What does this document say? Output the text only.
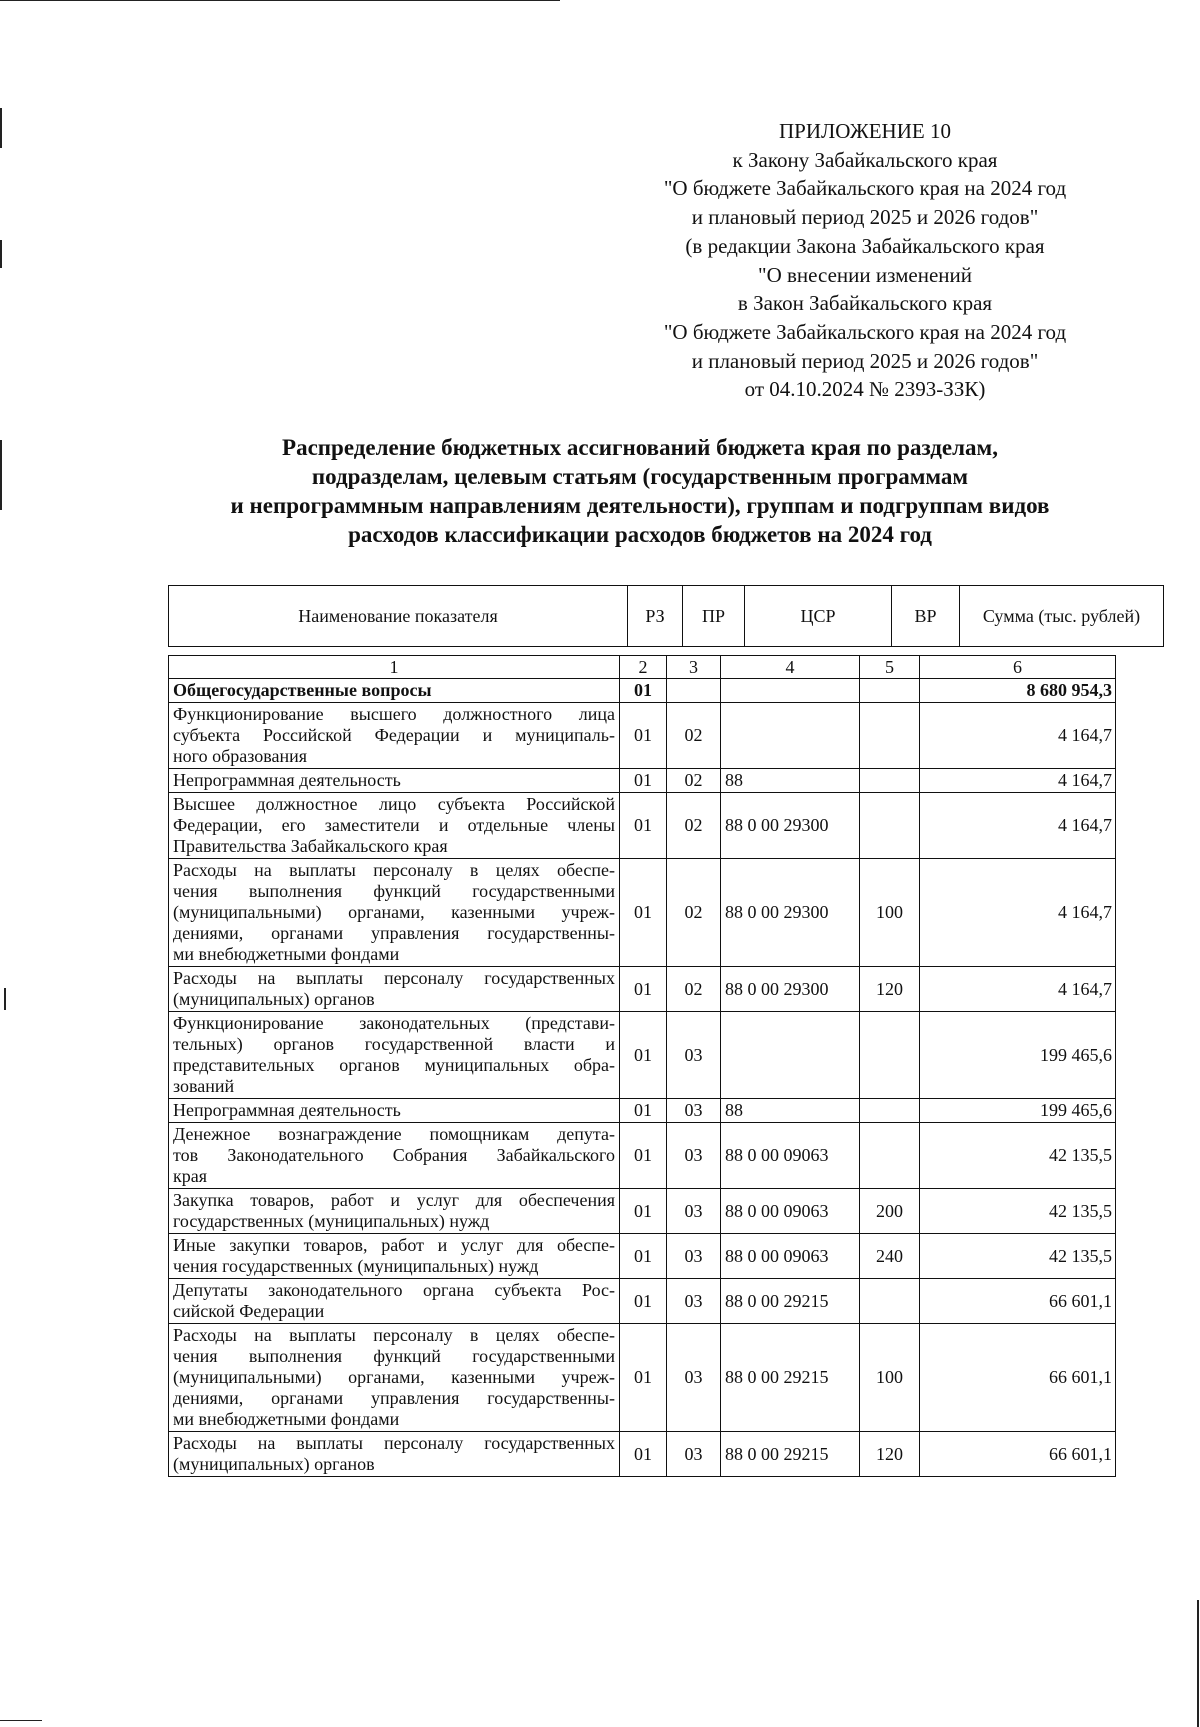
ПРИЛОЖЕНИЕ 10
к Закону Забайкальского края
"О бюджете Забайкальского края на 2024 год
и плановый период 2025 и 2026 годов"
(в редакции Закона Забайкальского края
"О внесении изменений
в Закон Забайкальского края
"О бюджете Забайкальского края на 2024 год
и плановый период 2025 и 2026 годов"
от 04.10.2024 № 2393-ЗЗК)
Распределение бюджетных ассигнований бюджета края по разделам,
подразделам, целевым статьям (государственным программам
и непрограммным направлениям деятельности), группам и подгруппам видов
расходов классификации расходов бюджетов на 2024 год
Наименование показателя	РЗ	ПР	ЦСР	ВР	Сумма (тыс. рублей)
1	2	3	4	5	6

Общегосударственные вопросы	01				8 680 954,3

Функционирование высшего должностного лица
субъекта Российской Федерации и муниципаль-
ного образования	01	02			4 164,7

Непрограммная деятельность	01	02	88		4 164,7

Высшее должностное лицо субъекта Российской
Федерации, его заместители и отдельные члены
Правительства Забайкальского края	01	02	88 0 00 29300		4 164,7

Расходы на выплаты персоналу в целях обеспе-
чения выполнения функций государственными
(муниципальными) органами, казенными учреж-
дениями, органами управления государственны-
ми внебюджетными фондами	01	02	88 0 00 29300	100	4 164,7

Расходы на выплаты персоналу государственных
(муниципальных) органов	01	02	88 0 00 29300	120	4 164,7

Функционирование законодательных (представи-
тельных) органов государственной власти и
представительных органов муниципальных обра-
зований	01	03			199 465,6

Непрограммная деятельность	01	03	88		199 465,6

Денежное вознаграждение помощникам депута-
тов Законодательного Собрания Забайкальского
края	01	03	88 0 00 09063		42 135,5

Закупка товаров, работ и услуг для обеспечения
государственных (муниципальных) нужд	01	03	88 0 00 09063	200	42 135,5

Иные закупки товаров, работ и услуг для обеспе-
чения государственных (муниципальных) нужд	01	03	88 0 00 09063	240	42 135,5

Депутаты законодательного органа субъекта Рос-
сийской Федерации	01	03	88 0 00 29215		66 601,1

Расходы на выплаты персоналу в целях обеспе-
чения выполнения функций государственными
(муниципальными) органами, казенными учреж-
дениями, органами управления государственны-
ми внебюджетными фондами	01	03	88 0 00 29215	100	66 601,1

Расходы на выплаты персоналу государственных
(муниципальных) органов	01	03	88 0 00 29215	120	66 601,1
